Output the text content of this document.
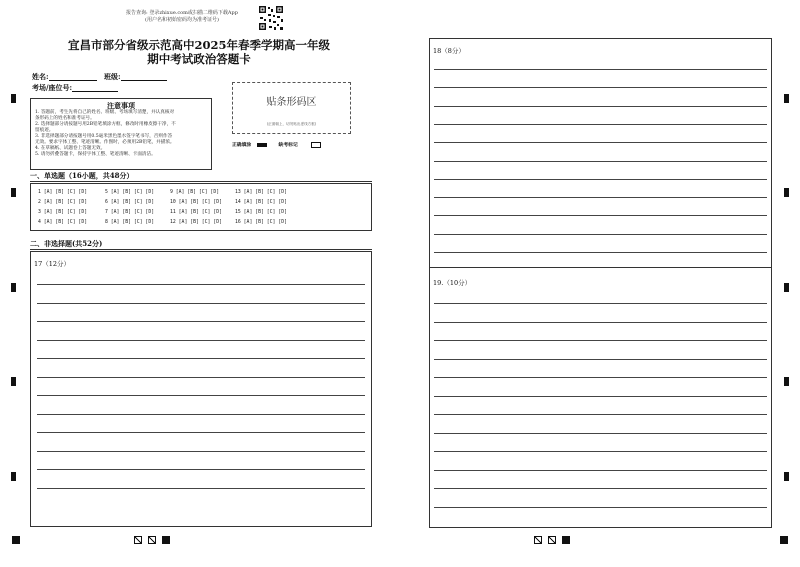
报告查询: 登录zhixue.com或扫描二维码下载App
(用户名和初始密码均为准考证号)
宜昌市部分省级示范高中2025年春季学期高一年级
期中考试政治答题卡
姓名:	班级:
考场/座位号:
注意事项
1. 答题前，考生先将自己的姓名、班级、考场填写清楚，并认真核对
条形码上的姓名和准考证号。
2. 选择题部分请按题号用2B铅笔填涂方框，修改时用橡皮擦干净，不
留痕迹。
3. 非选择题部分请按题号用0.5毫米黑色墨水签字笔书写，否则作答
无效。要求字体工整、笔迹清晰。作图时，必须用2B铅笔，并描浓。
4. 在草稿纸、试题卷上答题无效。
5. 请勿折叠答题卡，保持字体工整、笔迹清晰、卡面清洁。
贴条形码区
(正面朝上，切勿贴出虚线方框)
正确填涂	缺考标记
一、单选题（16小题，共48分）
1 [A] [B] [C] [D]
2 [A] [B] [C] [D]
3 [A] [B] [C] [D]
4 [A] [B] [C] [D]
5 [A] [B] [C] [D]
6 [A] [B] [C] [D]
7 [A] [B] [C] [D]
8 [A] [B] [C] [D]
9 [A] [B] [C] [D]
10 [A] [B] [C] [D]
11 [A] [B] [C] [D]
12 [A] [B] [C] [D]
13 [A] [B] [C] [D]
14 [A] [B] [C] [D]
15 [A] [B] [C] [D]
16 [A] [B] [C] [D]
二、非选择题(共52分)
17（12分）
18（8分）
19.（10分）
